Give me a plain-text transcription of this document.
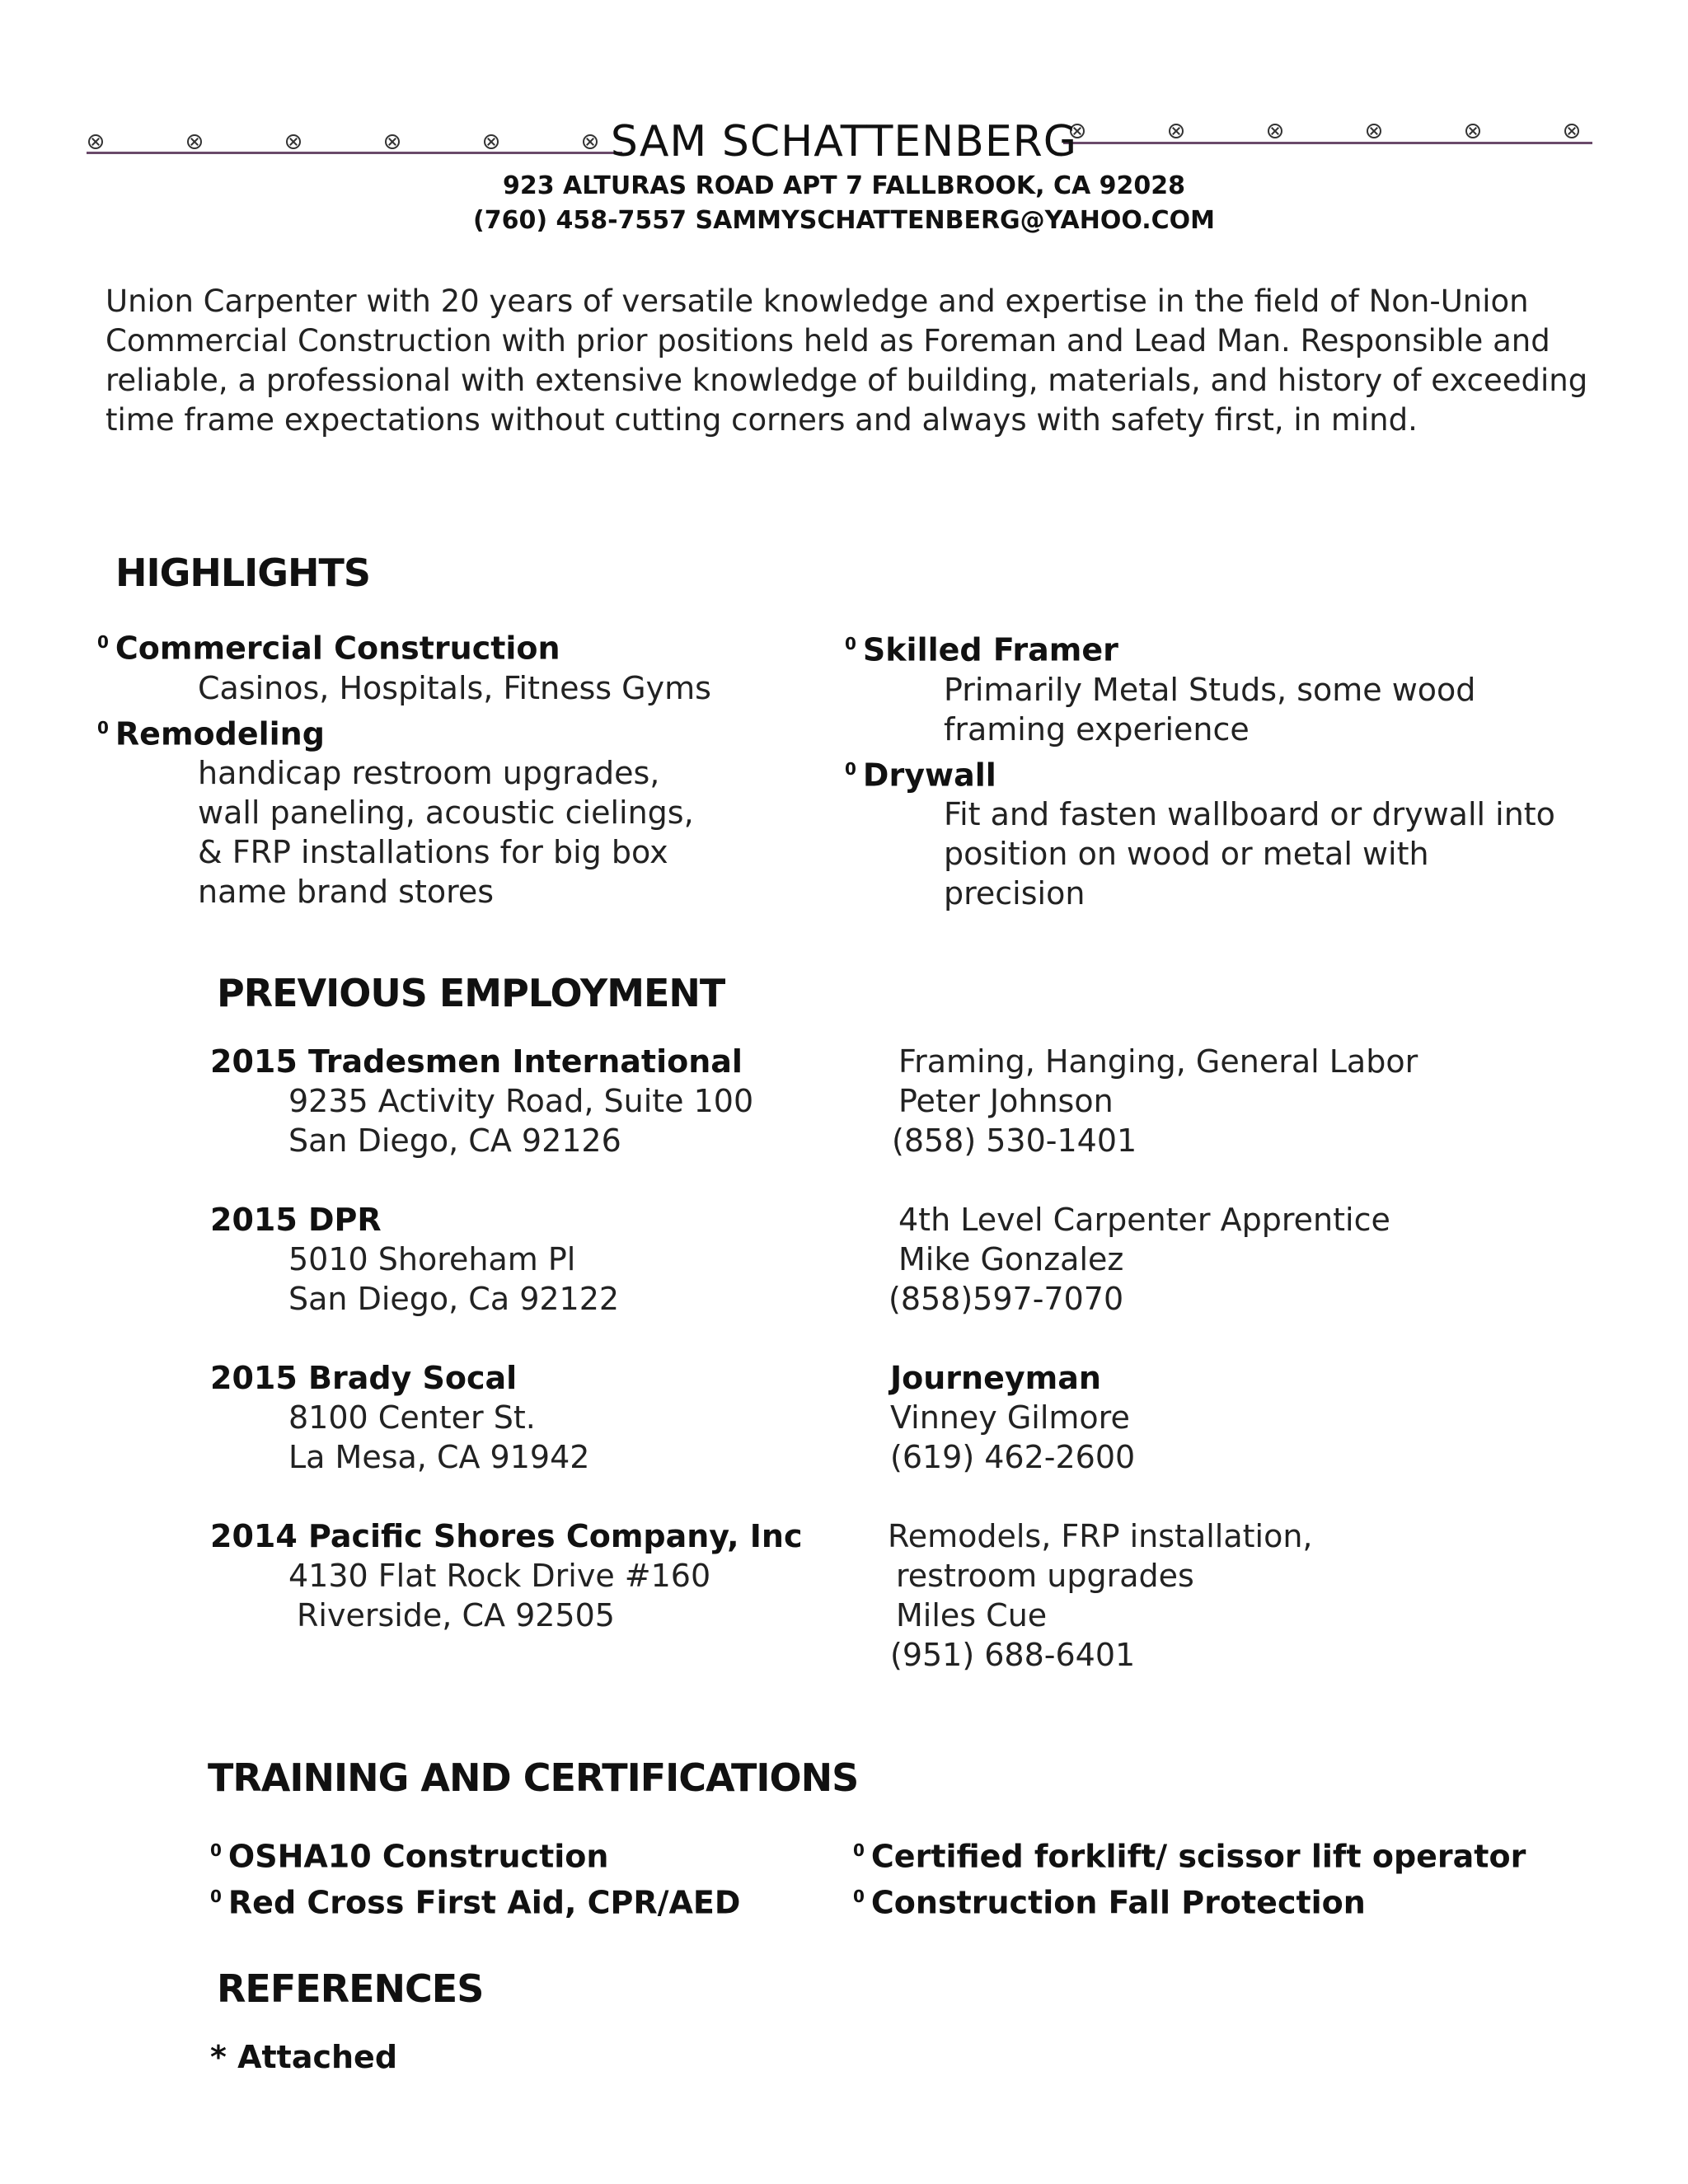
SAM SCHATTENBERG
923 ALTURAS ROAD APT 7 FALLBROOK, CA 92028
(760) 458-7557 SAMMYSCHATTENBERG@YAHOO.COM
Union Carpenter with 20 years of versatile knowledge and expertise in the field of Non-Union Commercial Construction with prior positions held as Foreman and Lead Man. Responsible and reliable, a professional with extensive knowledge of building, materials, and history of exceeding time frame expectations without cutting corners and always with safety first, in mind.
HIGHLIGHTS
$^0$ Commercial Construction
Casinos, Hospitals, Fitness Gyms
$^0$ Remodeling
handicap restroom upgrades,
wall paneling, acoustic cielings,
& FRP installations for big box
name brand stores
$^0$ Skilled Framer
Primarily Metal Studs, some wood
framing experience
$^0$ Drywall
Fit and fasten wallboard or drywall into
position on wood or metal with
precision
PREVIOUS EMPLOYMENT
2015 Tradesmen International
9235 Activity Road, Suite 100
San Diego, CA 92126
Framing, Hanging, General Labor
Peter Johnson
(858) 530-1401
2015 DPR
5010 Shoreham Pl
San Diego, Ca 92122
4th Level Carpenter Apprentice
Mike Gonzalez
(858)597-7070
2015 Brady Socal
8100 Center St.
La Mesa, CA 91942
Journeyman
Vinney Gilmore
(619) 462-2600
2014 Pacific Shores Company, Inc
4130 Flat Rock Drive #160
Riverside, CA 92505
Remodels, FRP installation,
restroom upgrades
Miles Cue
(951) 688-6401
TRAINING AND CERTIFICATIONS
$^0$ OSHA10 Construction
$^0$ Red Cross First Aid, CPR/AED
$^0$ Certified forklift/ scissor lift operator
$^0$ Construction Fall Protection
REFERENCES
* Attached
